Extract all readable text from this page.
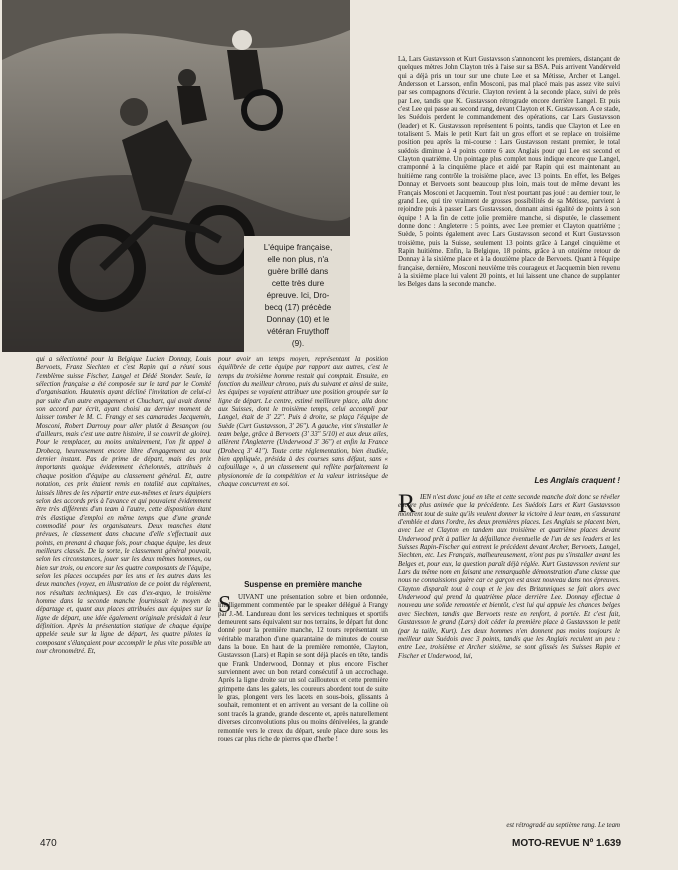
L'équipe française,
elle non plus, n'a
guère brillé dans
cette très dure
épreuve. Ici, Dro-
becq (17) précède
Donnay (10) et le
vétéran Fruythoff
(9).

qui a sélectionné pour la Belgique Lucien Donnay, Louis Bervoets, Franz Siechten et c'est Rapin qui a réuni sous l'emblème suisse Fischer, Langel et Dédé Stonder. Seule, la sélection française a été composée sur le tard par le Comité d'organisation. Hautenis ayant décliné l'invitation de celui-ci par suite d'un autre engagement et Chuchart, qui avait donné son accord par écrit, ayant choisi au dernier moment de laisser tomber le M. C. Frangy et ses camarades Jacquemin, Mosconi, Robert Darrouy pour aller plutôt à Besançon (ou d'ailleurs, mais c'est une autre histoire, il se couvrit de gloire). Pour le remplacer, au moins unitairement, l'on fit appel à Drobecq, heureusement encore libre d'engagement au tout dernier instant. Pas de prime de départ, mais des prix importants quoique évidemment échelonnés, attribués à chaque position d'équipe au classement général. Et, autre notation, ces prix étaient remis en totalité aux capitaines, laissés libres de les répartir entre eux-mêmes et leurs équipiers selon des accords pris à l'avance et qui pouvaient évidemment être très différents d'un team à l'autre, cette disposition étant très élastique d'emploi en même temps que d'une grande commodité pour les organisateurs. Deux manches étant prévues, le classement dans chacune d'elle s'effectuait aux points, en prenant à chaque fois, pour chaque équipe, les deux meilleurs classés. De la sorte, le classement général pouvait, selon les circonstances, jouer sur les deux mêmes hommes, ou bien sur trois, ou encore sur les quatre composants de l'équipe, selon les places occupées par les uns et les autres dans les deux manches (voyez, en illustration de ce point du règlement, nos résultats techniques). En cas d'ex-æquo, le troisième homme dans la seconde manche fournissait le moyen de départage et, quant aux places attribuées aux équipes sur la ligne de départ, une idée également originale présidait à leur définition. Après la présentation statique de chaque équipe appelée seule sur la ligne de départ, les quatre pilotes la composant s'élançaient pour accomplir le plus vite possible un tour chronométré. Et,

pour avoir un temps moyen, représentant la position équilibrée de cette équipe par rapport aux autres, c'est le temps du troisième homme restait qui comptait. Ensuite, en fonction du meilleur chrono, puis du suivant et ainsi de suite, les équipes se voyaient attribuer une position groupée sur la ligne de départ. Le centre, estimé meilleure place, alla donc aux Suisses, dont le troisième temps, celui accompli par Langel, était de 3' 22". Puis à droite, se plaça l'équipe de Suède (Curt Gustavsson, 3' 26"). A gauche, vint s'installer le team belge, grâce à Bervoets (3' 33" 5/10) et aux deux ailes, allèrent l'Angleterre (Underwood 3' 36") et enfin la France (Drobecq 3' 41"). Toute cette réglementation, bien étudiée, bien appliquée, présida à des courses sans défaut, sans « cafouillage », à un classement qui reflète parfaitement la physionomie de la compétition et la valeur intrinsèque de chaque concurrent en soi.

Suspense en première manche
S UIVANT une présentation sobre et bien ordonnée, intelligemment commentée par le speaker délégué à Frangy par J.-M. Landureau dont les services techniques et sportifs demeurent sans équivalent sur nos terrains, le départ fut donc donné pour la première manche, 12 tours représentant un véritable marathon d'une quarantaine de minutes de course dans la boue. En haut de la première remontée, Clayton, Gustavsson (Lars) et Rapin se sont déjà placés en tête, tandis que Frank Underwood, Donnay et plus encore Fischer surviennent avec un bon retard consécutif à un accrochage. Après la ligne droite sur un sol caillouteux et cette première grimpette dans les galets, les coureurs abordent tout de suite le gras, plongent vers les lacets en sous-bois, glissants à souhait, remontent et en arrivent au versant de la colline où sont tracés la grande, grande descente et, après naturellement diverses circonvolutions plus ou moins dénivelées, la grande remontée vers le creux du départ, seule place dure sous les roues car plus riche de pierres que d'herbe !

Là, Lars Gustavsson et Kurt Gustavsson s'annoncent les premiers, distançant de quelques mètres John Clayton très à l'aise sur sa BSA. Puis arrivent Vandérveld qui a déjà pris un tour sur une chute Lee et sa Métisse, Archer et Langel. Andersson et Larsson, enfin Mosconi, pas mal placé mais pas assez vite suivi par ses compagnons d'écurie. Clayton revient à la seconde place, suivi de près par Lee, tandis que K. Gustavsson rétrograde encore derrière Langel. Et puis c'est Lee qui passe au second rang, devant Clayton et K. Gustavsson. A ce stade, les Suédois perdent le commandement des opérations, car Lars Gustavsson (leader) et K. Gustavsson représentent 6 points, tandis que Clayton et Lee en totalisent 5. Mais le petit Kurt fait un gros effort et se replace en troisième position peu après la mi-course : Lars Gustavsson restant premier, le total suédois diminue à 4 points contre 6 aux Anglais pour qui Lee est second et Clayton quatrième. Un pointage plus complet nous indique encore que Langel, cramponné à la cinquième place et aidé par Rapin qui est maintenant au huitième rang contrôle la troisième place, avec 13 points. En effet, les Belges Donnay et Bervoets sont beaucoup plus loin, mais tout de même devant les Français Mosconi et Jacquemin. Tout n'est pourtant pas joué : au dernier tour, le grand Lee, qui tire vraiment de grosses possibilités de sa Métisse, parvient à rejoindre puis à passer Lars Gustavsson, donnant ainsi égalité de points à son équipe ! A la fin de cette jolie première manche, si disputée, le classement donne donc : Angleterre : 5 points, avec Lee premier et Clayton quatrième ; Suède, 5 points également avec Lars Gustavsson second et Kurt Gustavsson troisième, puis la Suisse, seulement 13 points grâce à Langel cinquième et Rapin huitième. Enfin, la Belgique, 18 points, grâce à un onzième retour de Donnay à la sixième place et à la douzième place de Bervoets. Quant à l'équipe française, dernière, Mosconi neuvième très courageux et Jacquemin bien revenu à la sixième place lui valent 20 points, et lui laissent une chance de supplanter les Belges dans la seconde manche.

Les Anglais craquent !
R IEN n'est donc joué en tête et cette seconde manche doit donc se révéler encore plus animée que la précédente. Les Suédois Lars et Kurt Gustavsson montrent tout de suite qu'ils veulent donner la victoire à leur team, en s'assurant d'emblée et dans l'ordre, les deux premières places. Les Anglais se placent bien, avec Lee et Clayton en tandem aux troisième et quatrième places devant Underwood prêt à pallier la défaillance éventuelle de l'un de ses leaders et les Suisses Rapin-Fischer qui entrent le précédent devant Archer, Bervoets, Langel, Siechten, etc. Les Français, malheureusement, n'ont pas pu s'installer avant les Belges et, pour eux, la question paraît déjà réglée. Kurt Gustavsson revient sur Lars du même nom en faisant une remarquable démonstration d'une classe que nous ne connaissions guère car ce garçon est assez nouveau dans nos épreuves. Clayton disparaît tout à coup et le jeu des Britanniques se fait alors avec Underwood qui prend la quatrième place derrière Lee. Donnay effectue à nouveau une solide remontée et bientôt, c'est lui qui appuie les chances belges avec Siechten, tandis que Bervoets reste en renfort, à portée. Et c'est fait, Gustavsson le grand (Lars) doit céder la première place à Gustavsson le petit (par la taille, Kurt). Les deux hommes n'en donnent pas moins toujours le meilleur aux Suédois avec 3 points, tandis que les Anglais reculent un peu : entre Lee, troisième et Archer sixième, se sont glissés les Suisses Rapin et Fischer et Underwood, lui,

est rétrogradé au septième rang. Le team
470	MOTO-REVUE Nº 1.639
